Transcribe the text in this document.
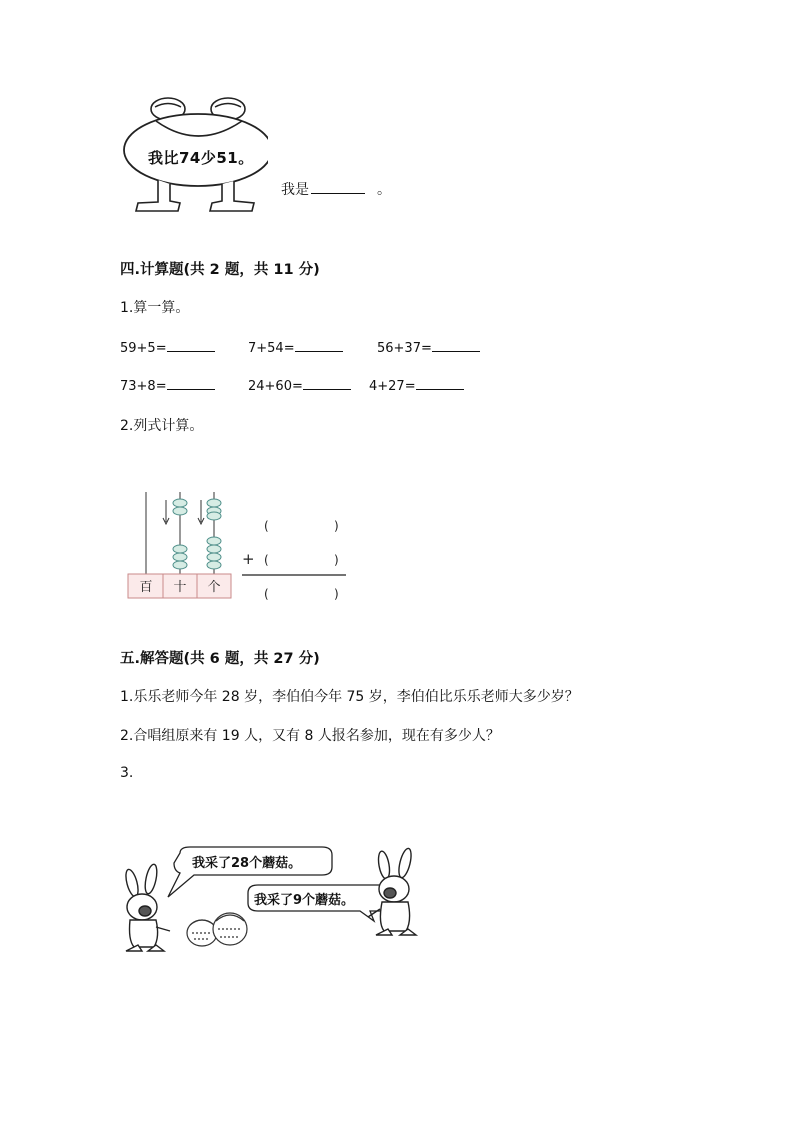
我比74少51。
我是	。
四.计算题(共 2 题，共 11 分)
1.算一算。
59+5=	7+54=	56+37=
73+8=	24+60=	4+27=
2.列式计算。
百 十 个
(	)
+ (	)
(	)
五.解答题(共 6 题，共 27 分)
1.乐乐老师今年 28 岁，李伯伯今年 75 岁，李伯伯比乐乐老师大多少岁？
2.合唱组原来有 19 人，又有 8 人报名参加，现在有多少人？
3.
我采了28个蘑菇。
我采了9个蘑菇。
